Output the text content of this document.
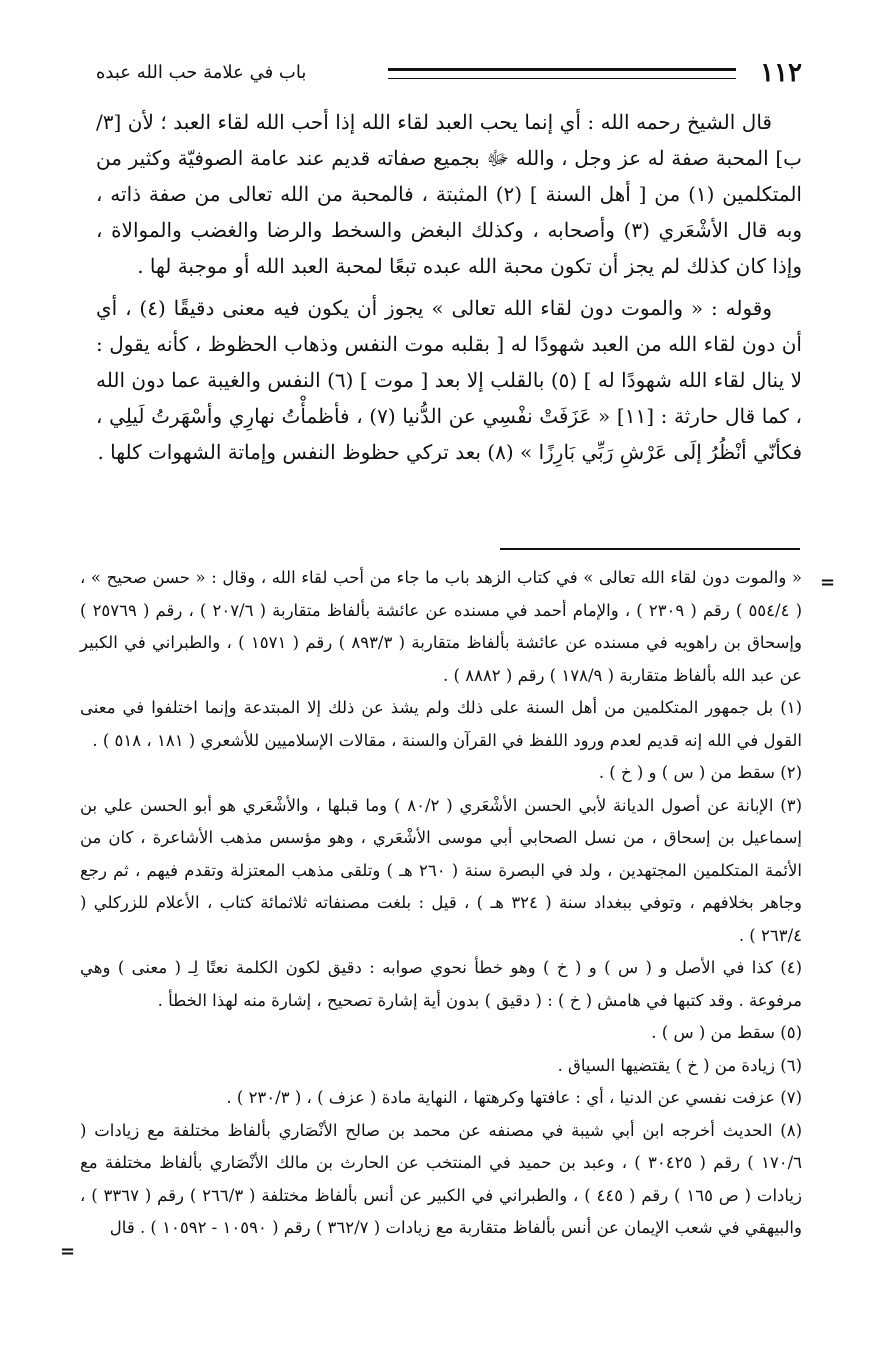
١١٢
باب في علامة حب الله عبده

قال الشيخ رحمه الله : أي إنما يحب العبد لقاء الله إذا أحب الله لقاء العبد ؛ لأن [٣/ب] المحبة صفة له عز وجل ، والله ﷻ بجميع صفاته قديم عند عامة الصوفيّة وكثير من المتكلمين (١) من [ أهل السنة ] (٢) المثبتة ، فالمحبة من الله تعالى من صفة ذاته ، وبه قال الأشْعَري (٣) وأصحابه ، وكذلك البغض والسخط والرضا والغضب والموالاة ، وإذا كان كذلك لم يجز أن تكون محبة الله عبده تبعًا لمحبة العبد الله أو موجبة لها .

وقوله : « والموت دون لقاء الله تعالى » يجوز أن يكون فيه معنى دقيقًا (٤) ، أي أن دون لقاء الله من العبد شهودًا له [ بقلبه موت النفس وذهاب الحظوظ ، كأنه يقول : لا ينال لقاء الله شهودًا له ] (٥) بالقلب إلا بعد [ موت ] (٦) النفس والغيبة عما دون الله ، كما قال حارثة : [١١] « عَزَفَتْ نفْسِي عن الدُّنيا (٧) ، فأظمأْتُ نهارِي وأسْهَرتُ لَيلِي ، فكأنّي أنْظُرُ إلَى عَرْشِ رَبِّي بَارِزًا » (٨) بعد تركي حظوظ النفس وإماتة الشهوات كلها .

=

« والموت دون لقاء الله تعالى » في كتاب الزهد باب ما جاء من أحب لقاء الله ، وقال : « حسن صحيح » ، ( ٥٥٤/٤ ) رقم ( ٢٣٠٩ ) ، والإمام أحمد في مسنده عن عائشة بألفاظ متقاربة ( ٢٠٧/٦ ) ، رقم ( ٢٥٧٦٩ ) وإسحاق بن راهويه في مسنده عن عائشة بألفاظ متقاربة ( ٨٩٣/٣ ) رقم ( ١٥٧١ ) ، والطبراني في الكبير عن عبد الله بألفاظ متقاربة ( ١٧٨/٩ ) رقم ( ٨٨٨٢ ) .

(١) بل جمهور المتكلمين من أهل السنة على ذلك ولم يشذ عن ذلك إلا المبتدعة وإنما اختلفوا في معنى القول في الله إنه قديم لعدم ورود اللفظ في القرآن والسنة ، مقالات الإسلاميين للأشعري ( ١٨١ ، ٥١٨ ) .

(٢) سقط من ( س ) و ( خ ) .

(٣) الإبانة عن أصول الديانة لأبي الحسن الأشْعَري ( ٨٠/٢ ) وما قبلها ، والأشْعَري هو أبو الحسن علي بن إسماعيل بن إسحاق ، من نسل الصحابي أبي موسى الأشْعَري ، وهو مؤسس مذهب الأشاعرة ، كان من الأئمة المتكلمين المجتهدين ، ولد في البصرة سنة ( ٢٦٠ هـ ) وتلقى مذهب المعتزلة وتقدم فيهم ، ثم رجع وجاهر بخلافهم ، وتوفي ببغداد سنة ( ٣٢٤ هـ ) ، قيل : بلغت مصنفاته ثلاثمائة كتاب ، الأعلام للزركلي ( ٢٦٣/٤ ) .

(٤) كذا في الأصل و ( س ) و ( خ ) وهو خطأ نحوي صوابه : دقيق لكون الكلمة نعتًا لِـ ( معنى ) وهي مرفوعة . وقد كتبها في هامش ( خ ) : ( دقيق ) بدون أية إشارة تصحيح ، إشارة منه لهذا الخطأ .

(٥) سقط من ( س ) .

(٦) زيادة من ( خ ) يقتضيها السياق .

(٧) عزفت نفسي عن الدنيا ، أي : عافتها وكرهتها ، النهاية مادة ( عزف ) ، ( ٢٣٠/٣ ) .

(٨) الحديث أخرجه ابن أبي شيبة في مصنفه عن محمد بن صالح الأنْصَاري بألفاظ مختلفة مع زيادات ( ١٧٠/٦ ) رقم ( ٣٠٤٢٥ ) ، وعبد بن حميد في المنتخب عن الحارث بن مالك الأنْصَاري بألفاظ مختلفة مع زيادات ( ص ١٦٥ ) رقم ( ٤٤٥ ) ، والطبراني في الكبير عن أنس بألفاظ مختلفة ( ٢٦٦/٣ ) رقم ( ٣٣٦٧ ) ، والبيهقي في شعب الإيمان عن أنس بألفاظ متقاربة مع زيادات ( ٣٦٢/٧ ) رقم ( ١٠٥٩٠ - ١٠٥٩٢ ) . قال

=
